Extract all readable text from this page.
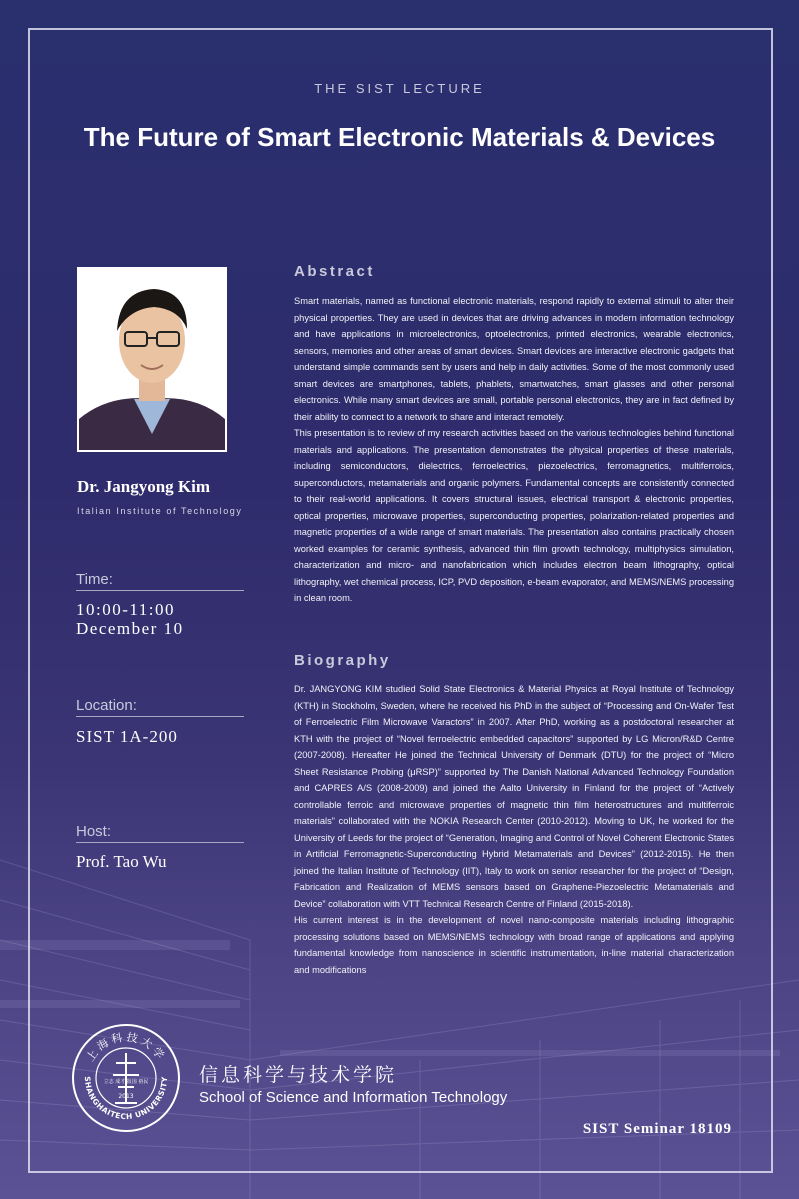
THE SIST LECTURE
The Future of Smart Electronic Materials & Devices
Dr. Jangyong Kim
Italian Institute of Technology
Time:
10:00-11:00
December 10
Location:
SIST 1A-200
Host:
Prof. Tao Wu
Abstract

Smart materials, named as functional electronic materials, respond rapidly to external stimuli to alter their physical properties. They are used in devices that are driving advances in modern information technology and have applications in microelectronics, optoelectronics, printed electronics, wearable electronics, sensors, memories and other areas of smart devices. Smart devices are interactive electronic gadgets that understand simple commands sent by users and help in daily activities. Some of the most commonly used smart devices are smartphones, tablets, phablets, smartwatches, smart glasses and other personal electronics. While many smart devices are small, portable personal electronics, they are in fact defined by their ability to connect to a network to share and interact remotely.

This presentation is to review of my research activities based on the various technologies behind functional materials and applications. The presentation demonstrates the physical properties of these materials, including semiconductors, dielectrics, ferroelectrics, piezoelectrics, ferromagnetics, multiferroics, superconductors, metamaterials and organic polymers. Fundamental concepts are consistently connected to their real-world applications. It covers structural issues, electrical transport & electronic properties, optical properties, microwave properties, superconducting properties, polarization-related properties and magnetic properties of a wide range of smart materials. The presentation also contains practically chosen worked examples for ceramic synthesis, advanced thin film growth technology, multiphysics simulation, characterization and micro- and nanofabrication which includes electron beam lithography, optical lithography, wet chemical process, ICP, PVD deposition, e-beam evaporator, and MEMS/NEMS processing in clean room.

Biography

Dr. JANGYONG KIM studied Solid State Electronics & Material Physics at Royal Institute of Technology (KTH) in Stockholm, Sweden, where he received his PhD in the subject of “Processing and On-Wafer Test of Ferroelectric Film Microwave Varactors” in 2007. After PhD, working as a postdoctoral researcher at KTH with the project of “Novel ferroelectric embedded capacitors” supported by LG Micron/R&D Centre (2007-2008). Hereafter He joined the Technical University of Denmark (DTU) for the project of “Micro Sheet Resistance Probing (μRSP)” supported by The Danish National Advanced Technology Foundation and CAPRES A/S (2008-2009) and joined the Aalto University in Finland for the project of “Actively controllable ferroic and microwave properties of magnetic thin film heterostructures and multiferroic materials” collaborated with the NOKIA Research Center (2010-2012). Moving to UK, he worked for the University of Leeds for the project of “Generation, Imaging and Control of Novel Coherent Electronic States in Artificial Ferromagnetic-Superconducting Hybrid Metamaterials and Devices” (2012-2015). He then joined the Italian Institute of Technology (IIT), Italy to work on senior researcher for the project of “Design, Fabrication and Realization of MEMS sensors based on Graphene-Piezoelectric Metamaterials and Device” collaboration with VTT Technical Research Centre of Finland (2015-2018).

His current interest is in the development of novel nano-composite materials including lithographic processing solutions based on MEMS/NEMS technology with broad range of applications and applying fundamental knowledge from nanoscience in scientific instrumentation, in-line material characterization and modifications

上海科技大学
SHANGHAITECH UNIVERSITY
立志 成才 报国 裕民
2013
信息科学与技术学院
School of Science and Information Technology
SIST Seminar 18109
